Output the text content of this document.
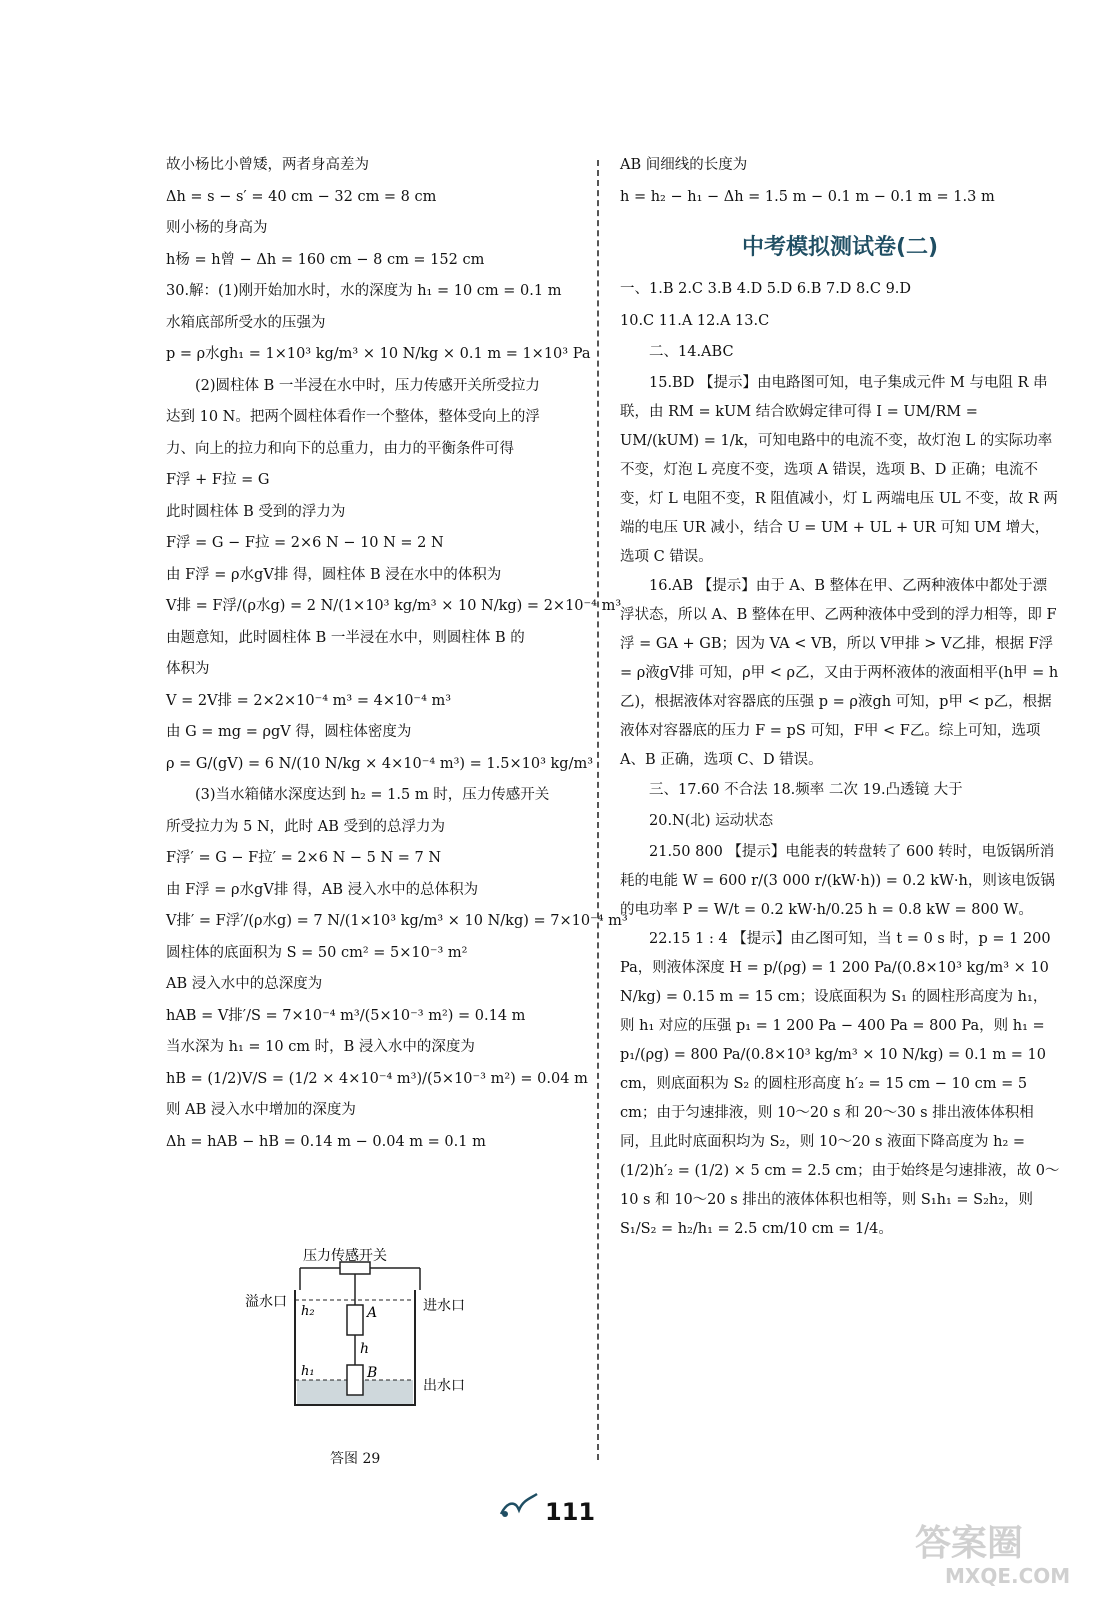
故小杨比小曾矮，两者身高差为
Δh = s − s′ = 40 cm − 32 cm = 8 cm
则小杨的身高为
h杨 = h曾 − Δh = 160 cm − 8 cm = 152 cm
30.解：(1)刚开始加水时，水的深度为 h₁ = 10 cm = 0.1 m
水箱底部所受水的压强为
p = ρ水gh₁ = 1×10³ kg/m³ × 10 N/kg × 0.1 m = 1×10³ Pa
(2)圆柱体 B 一半浸在水中时，压力传感开关所受拉力
达到 10 N。把两个圆柱体看作一个整体，整体受向上的浮
力、向上的拉力和向下的总重力，由力的平衡条件可得
F浮 + F拉 = G
此时圆柱体 B 受到的浮力为
F浮 = G − F拉 = 2×6 N − 10 N = 2 N
由 F浮 = ρ水gV排 得，圆柱体 B 浸在水中的体积为
V排 = F浮/(ρ水g) = 2 N/(1×10³ kg/m³ × 10 N/kg) = 2×10⁻⁴ m³
由题意知，此时圆柱体 B 一半浸在水中，则圆柱体 B 的
体积为
V = 2V排 = 2×2×10⁻⁴ m³ = 4×10⁻⁴ m³
由 G = mg = ρgV 得，圆柱体密度为
ρ = G/(gV) = 6 N/(10 N/kg × 4×10⁻⁴ m³) = 1.5×10³ kg/m³
(3)当水箱储水深度达到 h₂ = 1.5 m 时，压力传感开关
所受拉力为 5 N，此时 AB 受到的总浮力为
F浮′ = G − F拉′ = 2×6 N − 5 N = 7 N
由 F浮 = ρ水gV排 得，AB 浸入水中的总体积为
V排′ = F浮′/(ρ水g) = 7 N/(1×10³ kg/m³ × 10 N/kg) = 7×10⁻⁴ m³
圆柱体的底面积为 S = 50 cm² = 5×10⁻³ m²
AB 浸入水中的总深度为
hAB = V排′/S = 7×10⁻⁴ m³/(5×10⁻³ m²) = 0.14 m
当水深为 h₁ = 10 cm 时，B 浸入水中的深度为
hB = (1/2)V/S = (1/2 × 4×10⁻⁴ m³)/(5×10⁻³ m²) = 0.04 m
则 AB 浸入水中增加的深度为
Δh = hAB − hB = 0.14 m − 0.04 m = 0.1 m
AB 间细线的长度为
h = h₂ − h₁ − Δh = 1.5 m − 0.1 m − 0.1 m = 1.3 m
中考模拟测试卷(二)
一、1.B 2.C 3.B 4.D 5.D 6.B 7.D 8.C 9.D
10.C 11.A 12.A 13.C
二、14.ABC
15.BD 【提示】由电路图可知，电子集成元件 M 与电阻 R 串联，由 RM = kUM 结合欧姆定律可得 I = UM/RM = UM/(kUM) = 1/k，可知电路中的电流不变，故灯泡 L 的实际功率不变，灯泡 L 亮度不变，选项 A 错误，选项 B、D 正确；电流不变，灯 L 电阻不变，R 阻值减小，灯 L 两端电压 UL 不变，故 R 两端的电压 UR 减小，结合 U = UM + UL + UR 可知 UM 增大，选项 C 错误。
16.AB 【提示】由于 A、B 整体在甲、乙两种液体中都处于漂浮状态，所以 A、B 整体在甲、乙两种液体中受到的浮力相等，即 F浮 = GA + GB；因为 VA < VB，所以 V甲排 > V乙排，根据 F浮 = ρ液gV排 可知，ρ甲 < ρ乙，又由于两杯液体的液面相平(h甲 = h乙)，根据液体对容器底的压强 p = ρ液gh 可知，p甲 < p乙，根据液体对容器底的压力 F = pS 可知，F甲 < F乙。综上可知，选项 A、B 正确，选项 C、D 错误。
三、17.60 不合法 18.频率 二次 19.凸透镜 大于
20.N(北) 运动状态
21.50 800 【提示】电能表的转盘转了 600 转时，电饭锅所消耗的电能 W = 600 r/(3 000 r/(kW·h)) = 0.2 kW·h，则该电饭锅的电功率 P = W/t = 0.2 kW·h/0.25 h = 0.8 kW = 800 W。
22.15 1 : 4 【提示】由乙图可知，当 t = 0 s 时，p = 1 200 Pa，则液体深度 H = p/(ρg) = 1 200 Pa/(0.8×10³ kg/m³ × 10 N/kg) = 0.15 m = 15 cm；设底面积为 S₁ 的圆柱形高度为 h₁，则 h₁ 对应的压强 p₁ = 1 200 Pa − 400 Pa = 800 Pa，则 h₁ = p₁/(ρg) = 800 Pa/(0.8×10³ kg/m³ × 10 N/kg) = 0.1 m = 10 cm，则底面积为 S₂ 的圆柱形高度 h′₂ = 15 cm − 10 cm = 5 cm；由于匀速排液，则 10～20 s 和 20～30 s 排出液体体积相同，且此时底面积均为 S₂，则 10～20 s 液面下降高度为 h₂ = (1/2)h′₂ = (1/2) × 5 cm = 2.5 cm；由于始终是匀速排液，故 0～10 s 和 10～20 s 排出的液体体积也相等，则 S₁h₁ = S₂h₂，则 S₁/S₂ = h₂/h₁ = 2.5 cm/10 cm = 1/4。
压力传感开关
A
B
h
h₂
h₁
溢水口	进水口
出水口
答图 29
111
答案圈
MXQE.COM
